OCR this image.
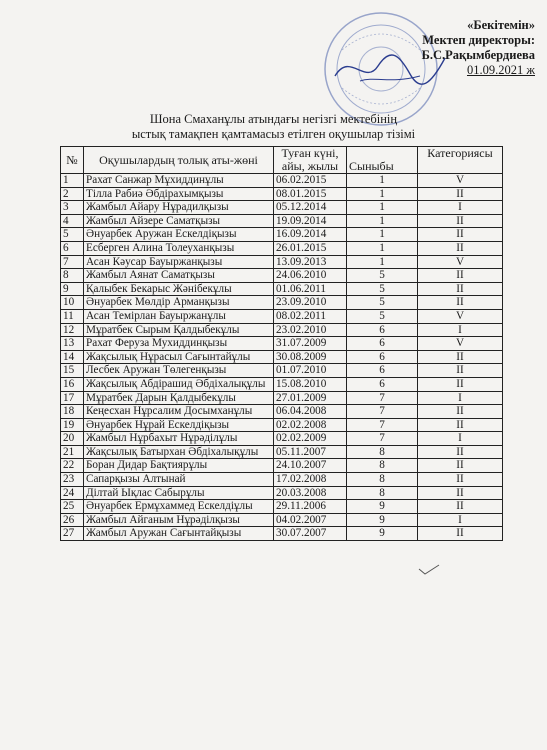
«Бекітемін»
Мектеп директоры:
Б.С.Рақымбердиева
01.09.2021 ж
Шона Смаханұлы атындағы негізгі мектебінің
ыстық тамақпен қамтамасыз етілген оқушылар тізімі
№	Оқушылардың толық аты-жөні	Туған күні, айы, жылы	Сыныбы	Категориясы
1	Рахат Санжар Мұхиддинұлы	06.02.2015	1	V
2	Тілла Рабиә Әбдірахымқызы	08.01.2015	1	II
3	Жамбыл Айару Нұрадилқызы	05.12.2014	1	I
4	Жамбыл Айзере Саматқызы	19.09.2014	1	II
5	Әнуарбек Аружан Ескелдіқызы	16.09.2014	1	II
6	Есберген Алина Толеуханқызы	26.01.2015	1	II
7	Асан Кәусар Бауыржанқызы	13.09.2013	1	V
8	Жамбыл Аянат Саматқызы	24.06.2010	5	II
9	Қалыбек Бекарыс Жәнібекұлы	01.06.2011	5	II
10	Әнуарбек Мөлдір Арманқызы	23.09.2010	5	II
11	Асан Темірлан Бауыржанұлы	08.02.2011	5	V
12	Мұратбек Сырым Қалдыбекұлы	23.02.2010	6	I
13	Рахат Феруза Мухиддинқызы	31.07.2009	6	V
14	Жақсылық Нұрасыл Сағынтайұлы	30.08.2009	6	II
15	Лесбек Аружан Төлегенқызы	01.07.2010	6	II
16	Жақсылық Абдірашид Әбдіхалықұлы	15.08.2010	6	II
17	Мұратбек Дарын Қалдыбекұлы	27.01.2009	7	I
18	Кеңесхан Нұрсалим Досымханұлы	06.04.2008	7	II
19	Әнуарбек Нұрай Ескелдіқызы	02.02.2008	7	II
20	Жамбыл Нұрбахыт Нұрәділұлы	02.02.2009	7	I
21	Жақсылық Батырхан Әбдіхалықұлы	05.11.2007	8	II
22	Боран Дидар Бақтиярұлы	24.10.2007	8	II
23	Сапарқызы Алтынай	17.02.2008	8	II
24	Ділтай Ықлас Сабырұлы	20.03.2008	8	II
25	Әнуарбек Ермұхаммед Ескелдіұлы	29.11.2006	9	II
26	Жамбыл Айганым Нұрәділқызы	04.02.2007	9	I
27	Жамбыл Аружан Сағынтайқызы	30.07.2007	9	II
